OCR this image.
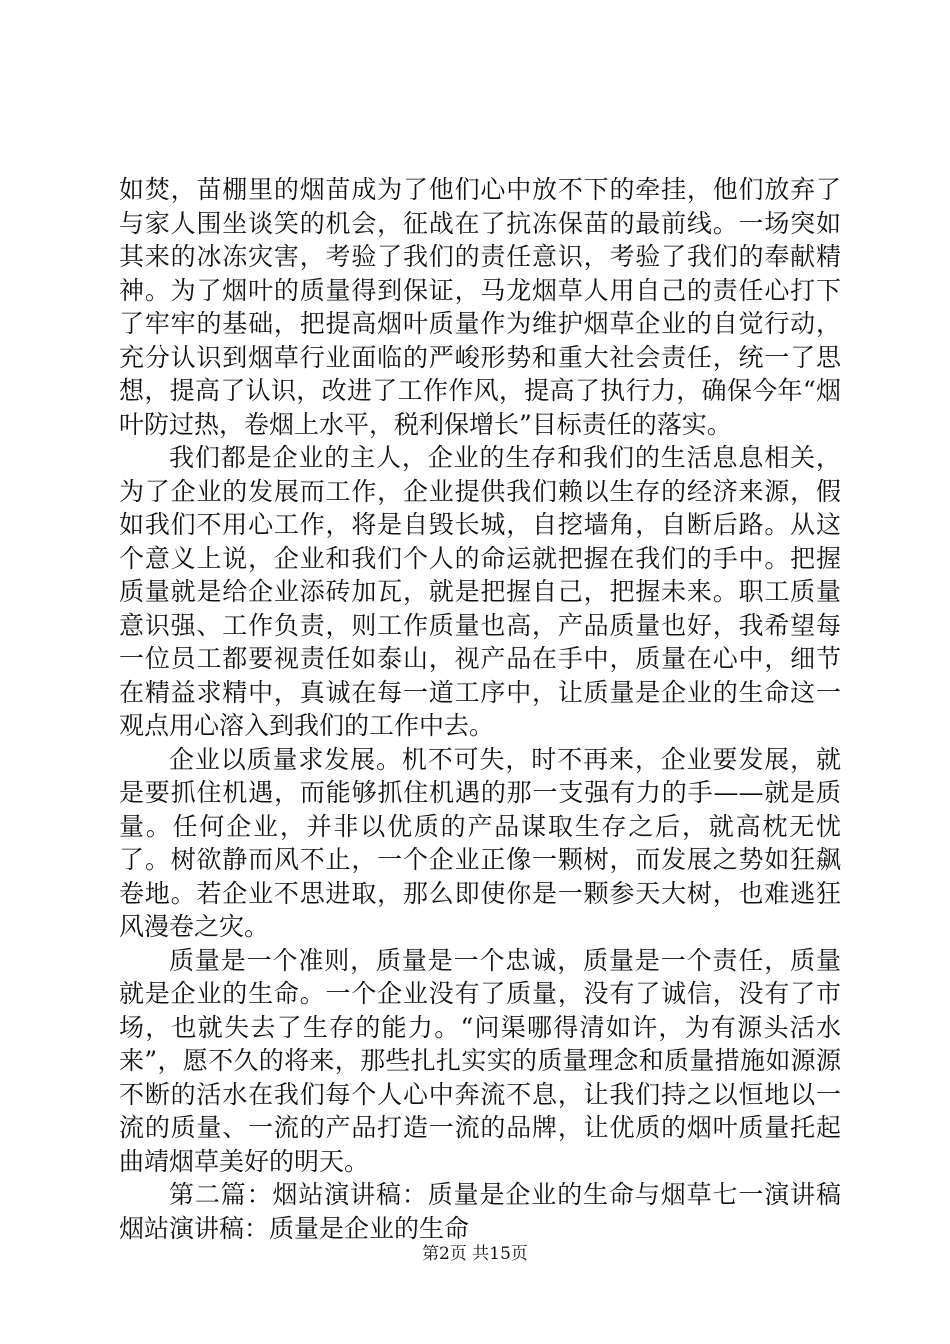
如焚，苗棚里的烟苗成为了他们心中放不下的牵挂，他们放弃了与家人围坐谈笑的机会，征战在了抗冻保苗的最前线。一场突如其来的冰冻灾害，考验了我们的责任意识，考验了我们的奉献精神。为了烟叶的质量得到保证，马龙烟草人用自己的责任心打下了牢牢的基础，把提高烟叶质量作为维护烟草企业的自觉行动，充分认识到烟草行业面临的严峻形势和重大社会责任，统一了思想，提高了认识，改进了工作作风，提高了执行力，确保今年“烟叶防过热，卷烟上水平，税利保增长”目标责任的落实。

我们都是企业的主人，企业的生存和我们的生活息息相关，为了企业的发展而工作，企业提供我们赖以生存的经济来源，假如我们不用心工作，将是自毁长城，自挖墙角，自断后路。从这个意义上说，企业和我们个人的命运就把握在我们的手中。把握质量就是给企业添砖加瓦，就是把握自己，把握未来。职工质量意识强、工作负责，则工作质量也高，产品质量也好，我希望每一位员工都要视责任如泰山，视产品在手中，质量在心中，细节在精益求精中，真诚在每一道工序中，让质量是企业的生命这一观点用心溶入到我们的工作中去。

企业以质量求发展。机不可失，时不再来，企业要发展，就是要抓住机遇，而能够抓住机遇的那一支强有力的手——就是质量。任何企业，并非以优质的产品谋取生存之后，就高枕无忧了。树欲静而风不止，一个企业正像一颗树，而发展之势如狂飙卷地。若企业不思进取，那么即使你是一颗参天大树，也难逃狂风漫卷之灾。

质量是一个准则，质量是一个忠诚，质量是一个责任，质量就是企业的生命。一个企业没有了质量，没有了诚信，没有了市场，也就失去了生存的能力。“问渠哪得清如许，为有源头活水来”，愿不久的将来，那些扎扎实实的质量理念和质量措施如源源不断的活水在我们每个人心中奔流不息，让我们持之以恒地以一流的质量、一流的产品打造一流的品牌，让优质的烟叶质量托起曲靖烟草美好的明天。

第二篇：烟站演讲稿：质量是企业的生命与烟草七一演讲稿烟站演讲稿：质量是企业的生命

第2页 共15页
